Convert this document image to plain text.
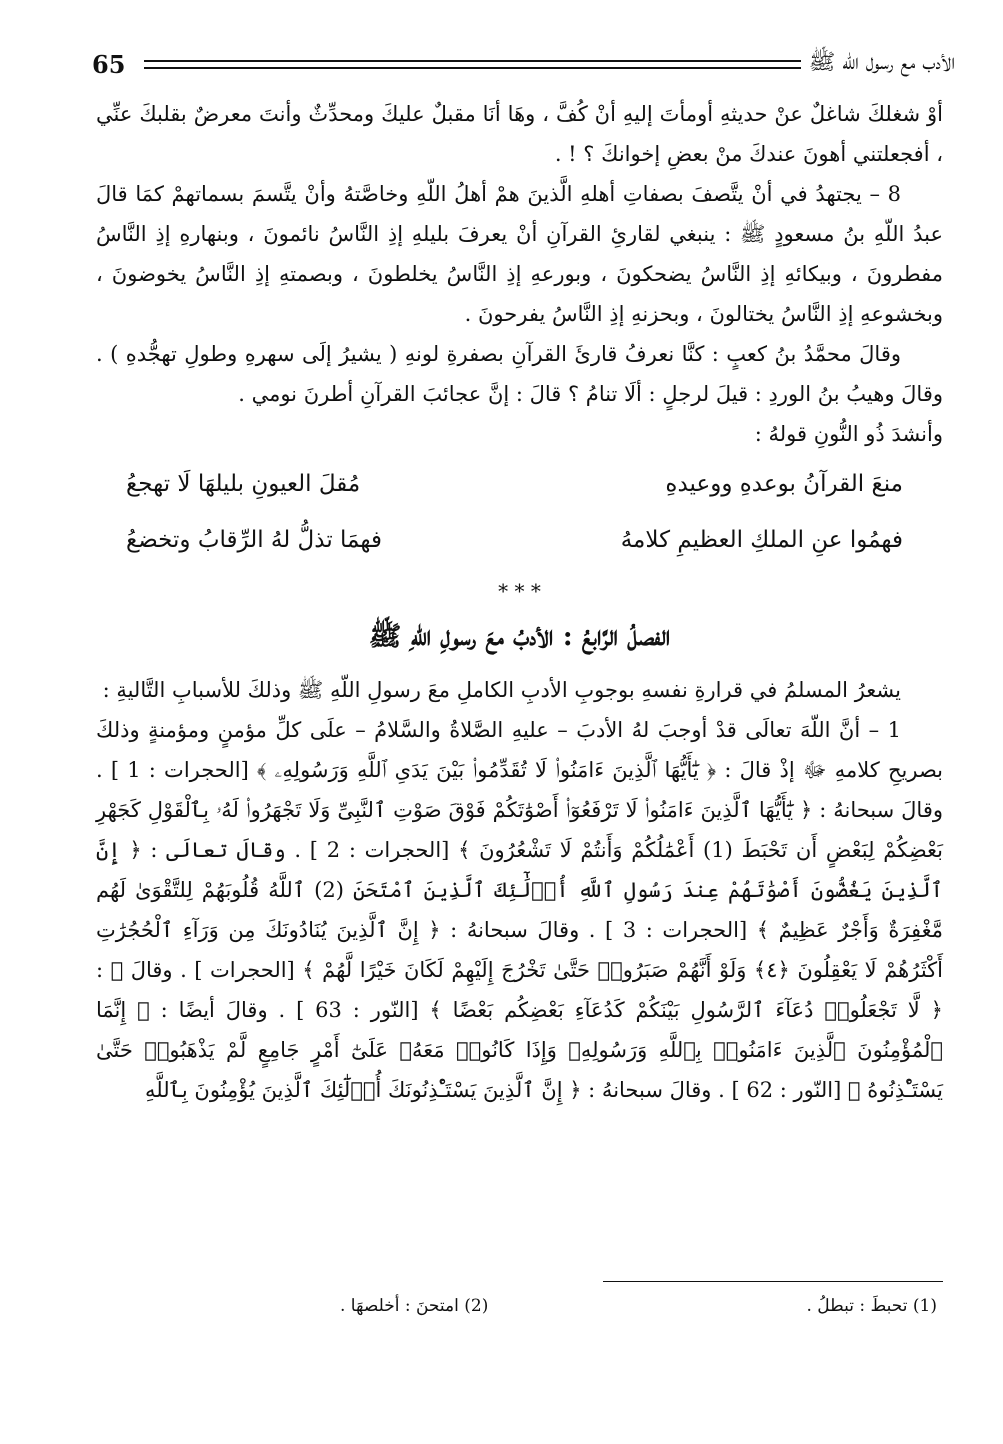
65	الأدب مع رسول الله ﷺ

أوْ شغلكَ شاغلٌ عنْ حديثهِ أومأتَ إليهِ أنْ كُفَّ ، وهَا أنَا مقبلٌ عليكَ ومحدِّثٌ وأنتَ معرضٌ بقلبكَ عنِّي ، أفجعلتني أهونَ عندكَ منْ بعضِ إخوانكَ ؟ ! .

8 – يجتهدُ في أنْ يتَّصفَ بصفاتِ أهلهِ الَّذينَ همْ أهلُ اللّهِ وخاصَّتهُ وأنْ يتَّسمَ بسماتهمْ كمَا قالَ عبدُ اللّهِ بنُ مسعودٍ ﷺ : ينبغي لقارئِ القرآنِ أنْ يعرفَ بليلهِ إذِ النَّاسُ نائمونَ ، وبنهارهِ إذِ النَّاسُ مفطرونَ ، وبيكائهِ إذِ النَّاسُ يضحكونَ ، وبورعهِ إذِ النَّاسُ يخلطونَ ، وبصمتهِ إذِ النَّاسُ يخوضونَ ، وبخشوعهِ إذِ النَّاسُ يختالونَ ، وبحزنهِ إذِ النَّاسُ يفرحونَ .

وقالَ محمَّدُ بنُ كعبٍ : كنَّا نعرفُ قارئَ القرآنِ بصفرةِ لونهِ ( يشيرُ إلَى سهرهِ وطولِ تهجُّدهِ ) . وقالَ وهيبُ بنُ الوردِ : قيلَ لرجلٍ : ألَا تنامُ ؟ قالَ : إنَّ عجائبَ القرآنِ أطرنَ نومي .

وأنشدَ ذُو النُّونِ قولهُ :

منعَ القرآنُ بوعدهِ ووعيدهِ
مُقلَ العيونِ بليلهَا لَا تهجعُ
فهمُوا عنِ الملكِ العظيمِ كلامهُ
فهمَا تذلُّ لهُ الرِّقابُ وتخضعُ
* * *
الفصلُ الرَّابعُ : الأدبُ معَ رسولِ اللّهِ ﷺ

يشعرُ المسلمُ في قرارةِ نفسهِ بوجوبِ الأدبِ الكاملِ معَ رسولِ اللّهِ ﷺ وذلكَ للأسبابِ التَّاليةِ :

1 – أنَّ اللّهَ تعالَى قدْ أوجبَ لهُ الأدبَ – عليهِ الصَّلاةُ والسَّلامُ – علَى كلِّ مؤمنٍ ومؤمنةٍ وذلكَ بصريحِ كلامهِ ﷻ إذْ قالَ : ﴿ يَٰٓأَيُّهَا ٱلَّذِينَ ءَامَنُوا۟ لَا تُقَدِّمُوا۟ بَيْنَ يَدَىِ ٱللَّهِ وَرَسُولِهِۦ ﴾ [الحجرات : 1 ] . وقالَ سبحانهُ : ﴿ يَٰٓأَيُّهَا ٱلَّذِينَ ءَامَنُوا۟ لَا تَرْفَعُوٓا۟ أَصْوَٰتَكُمْ فَوْقَ صَوْتِ ٱلنَّبِىِّ وَلَا تَجْهَرُوا۟ لَهُۥ بِٱلْقَوْلِ كَجَهْرِ بَعْضِكُمْ لِبَعْضٍ أَن تَحْبَطَ (1) أَعْمَٰلُكُمْ وَأَنتُمْ لَا تَشْعُرُونَ ﴾ [الحجرات : 2 ] . وقالَ تعالَى : ﴿ إِنَّ ٱلَّذِينَ يَغُضُّونَ أَصْوَٰتَهُمْ عِندَ رَسُولِ ٱللَّهِ أُو۟لَٰٓئِكَ ٱلَّذِينَ ٱمْتَحَنَ (2) ٱللَّهُ قُلُوبَهُمْ لِلتَّقْوَىٰ لَهُم مَّغْفِرَةٌ وَأَجْرٌ عَظِيمٌ ﴾ [الحجرات : 3 ] . وقالَ سبحانهُ : ﴿ إِنَّ ٱلَّذِينَ يُنَادُونَكَ مِن وَرَآءِ ٱلْحُجُرَٰتِ أَكْثَرُهُمْ لَا يَعْقِلُونَ ﴿٤﴾ وَلَوْ أَنَّهُمْ صَبَرُوا۟ حَتَّىٰ تَخْرُجَ إِلَيْهِمْ لَكَانَ خَيْرًا لَّهُمْ ﴾ [الحجرات ] . وقالَ ﷻ : ﴿ لَّا تَجْعَلُوا۟ دُعَآءَ ٱلرَّسُولِ بَيْنَكُمْ كَدُعَآءِ بَعْضِكُم بَعْضًا ﴾ [النّور : 63 ] . وقالَ أيضًا : ﴿ إِنَّمَا ٱلْمُؤْمِنُونَ ٱلَّذِينَ ءَامَنُوا۟ بِٱللَّهِ وَرَسُولِهِۦ وَإِذَا كَانُوا۟ مَعَهُۥ عَلَىٰٓ أَمْرٍ جَامِعٍ لَّمْ يَذْهَبُوا۟ حَتَّىٰ يَسْتَـْٔذِنُوهُ ﴾ [النّور : 62 ] . وقالَ سبحانهُ : ﴿ إِنَّ ٱلَّذِينَ يَسْتَـْٔذِنُونَكَ أُو۟لَٰٓئِكَ ٱلَّذِينَ يُؤْمِنُونَ بِٱللَّهِ

(1) تحبطَ : تبطلُ .
(2) امتحنَ : أخلصهَا .
